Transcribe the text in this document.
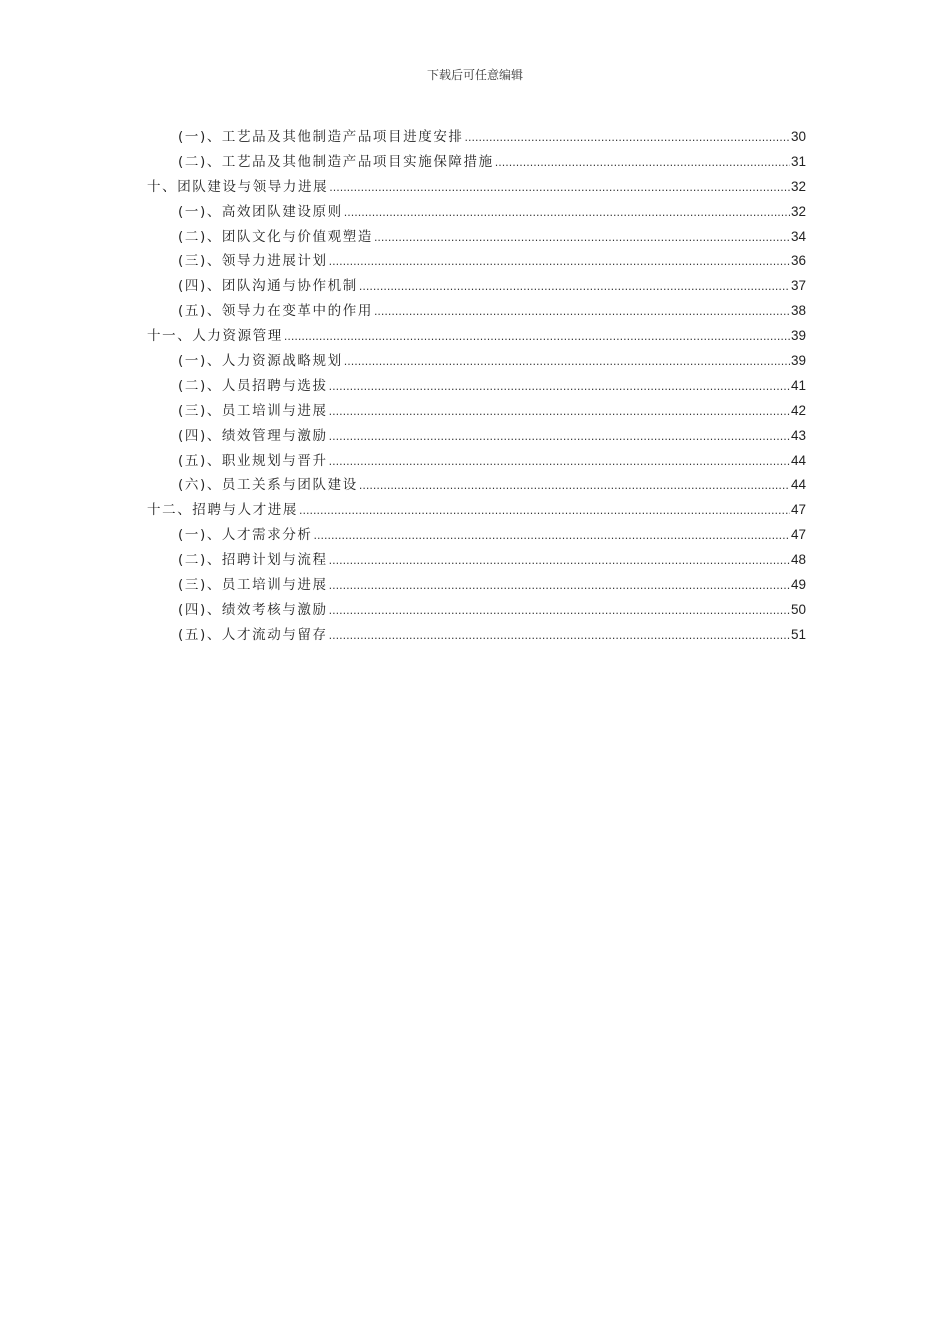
下载后可任意编辑
(一)、工艺品及其他制造产品项目进度安排 .....	30
(二)、工艺品及其他制造产品项目实施保障措施 .....	31
十、团队建设与领导力进展 .....	32
(一)、高效团队建设原则 .....	32
(二)、团队文化与价值观塑造 .....	34
(三)、领导力进展计划 .....	36
(四)、团队沟通与协作机制 .....	37
(五)、领导力在变革中的作用 .....	38
十一、人力资源管理 .....	39
(一)、人力资源战略规划 .....	39
(二)、人员招聘与选拔 .....	41
(三)、员工培训与进展 .....	42
(四)、绩效管理与激励 .....	43
(五)、职业规划与晋升 .....	44
(六)、员工关系与团队建设 .....	44
十二、招聘与人才进展 .....	47
(一)、人才需求分析 .....	47
(二)、招聘计划与流程 .....	48
(三)、员工培训与进展 .....	49
(四)、绩效考核与激励 .....	50
(五)、人才流动与留存 .....	51
